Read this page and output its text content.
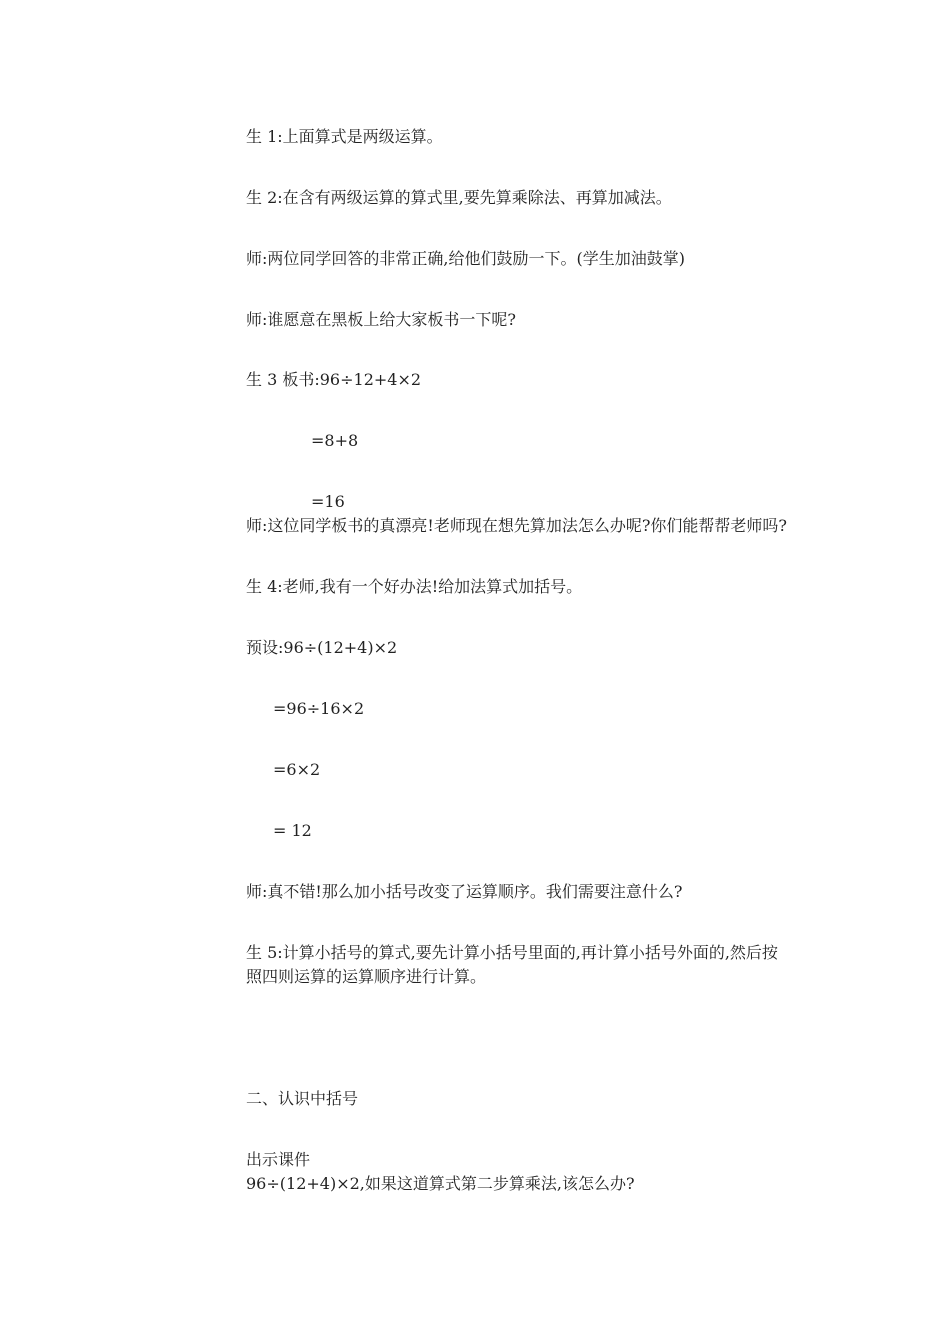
生 1:上面算式是两级运算。
生 2:在含有两级运算的算式里,要先算乘除法、再算加减法。
师:两位同学回答的非常正确,给他们鼓励一下。(学生加油鼓掌)
师:谁愿意在黑板上给大家板书一下呢?
生 3 板书:96÷12+4×2
=8+8
=16
师:这位同学板书的真漂亮!老师现在想先算加法怎么办呢?你们能帮帮老师吗?
生 4:老师,我有一个好办法!给加法算式加括号。
预设:96÷(12+4)×2
=96÷16×2
=6×2
= 12
师:真不错!那么加小括号改变了运算顺序。我们需要注意什么?
生 5:计算小括号的算式,要先计算小括号里面的,再计算小括号外面的,然后按
照四则运算的运算顺序进行计算。
二、认识中括号
出示课件
96÷(12+4)×2,如果这道算式第二步算乘法,该怎么办?
